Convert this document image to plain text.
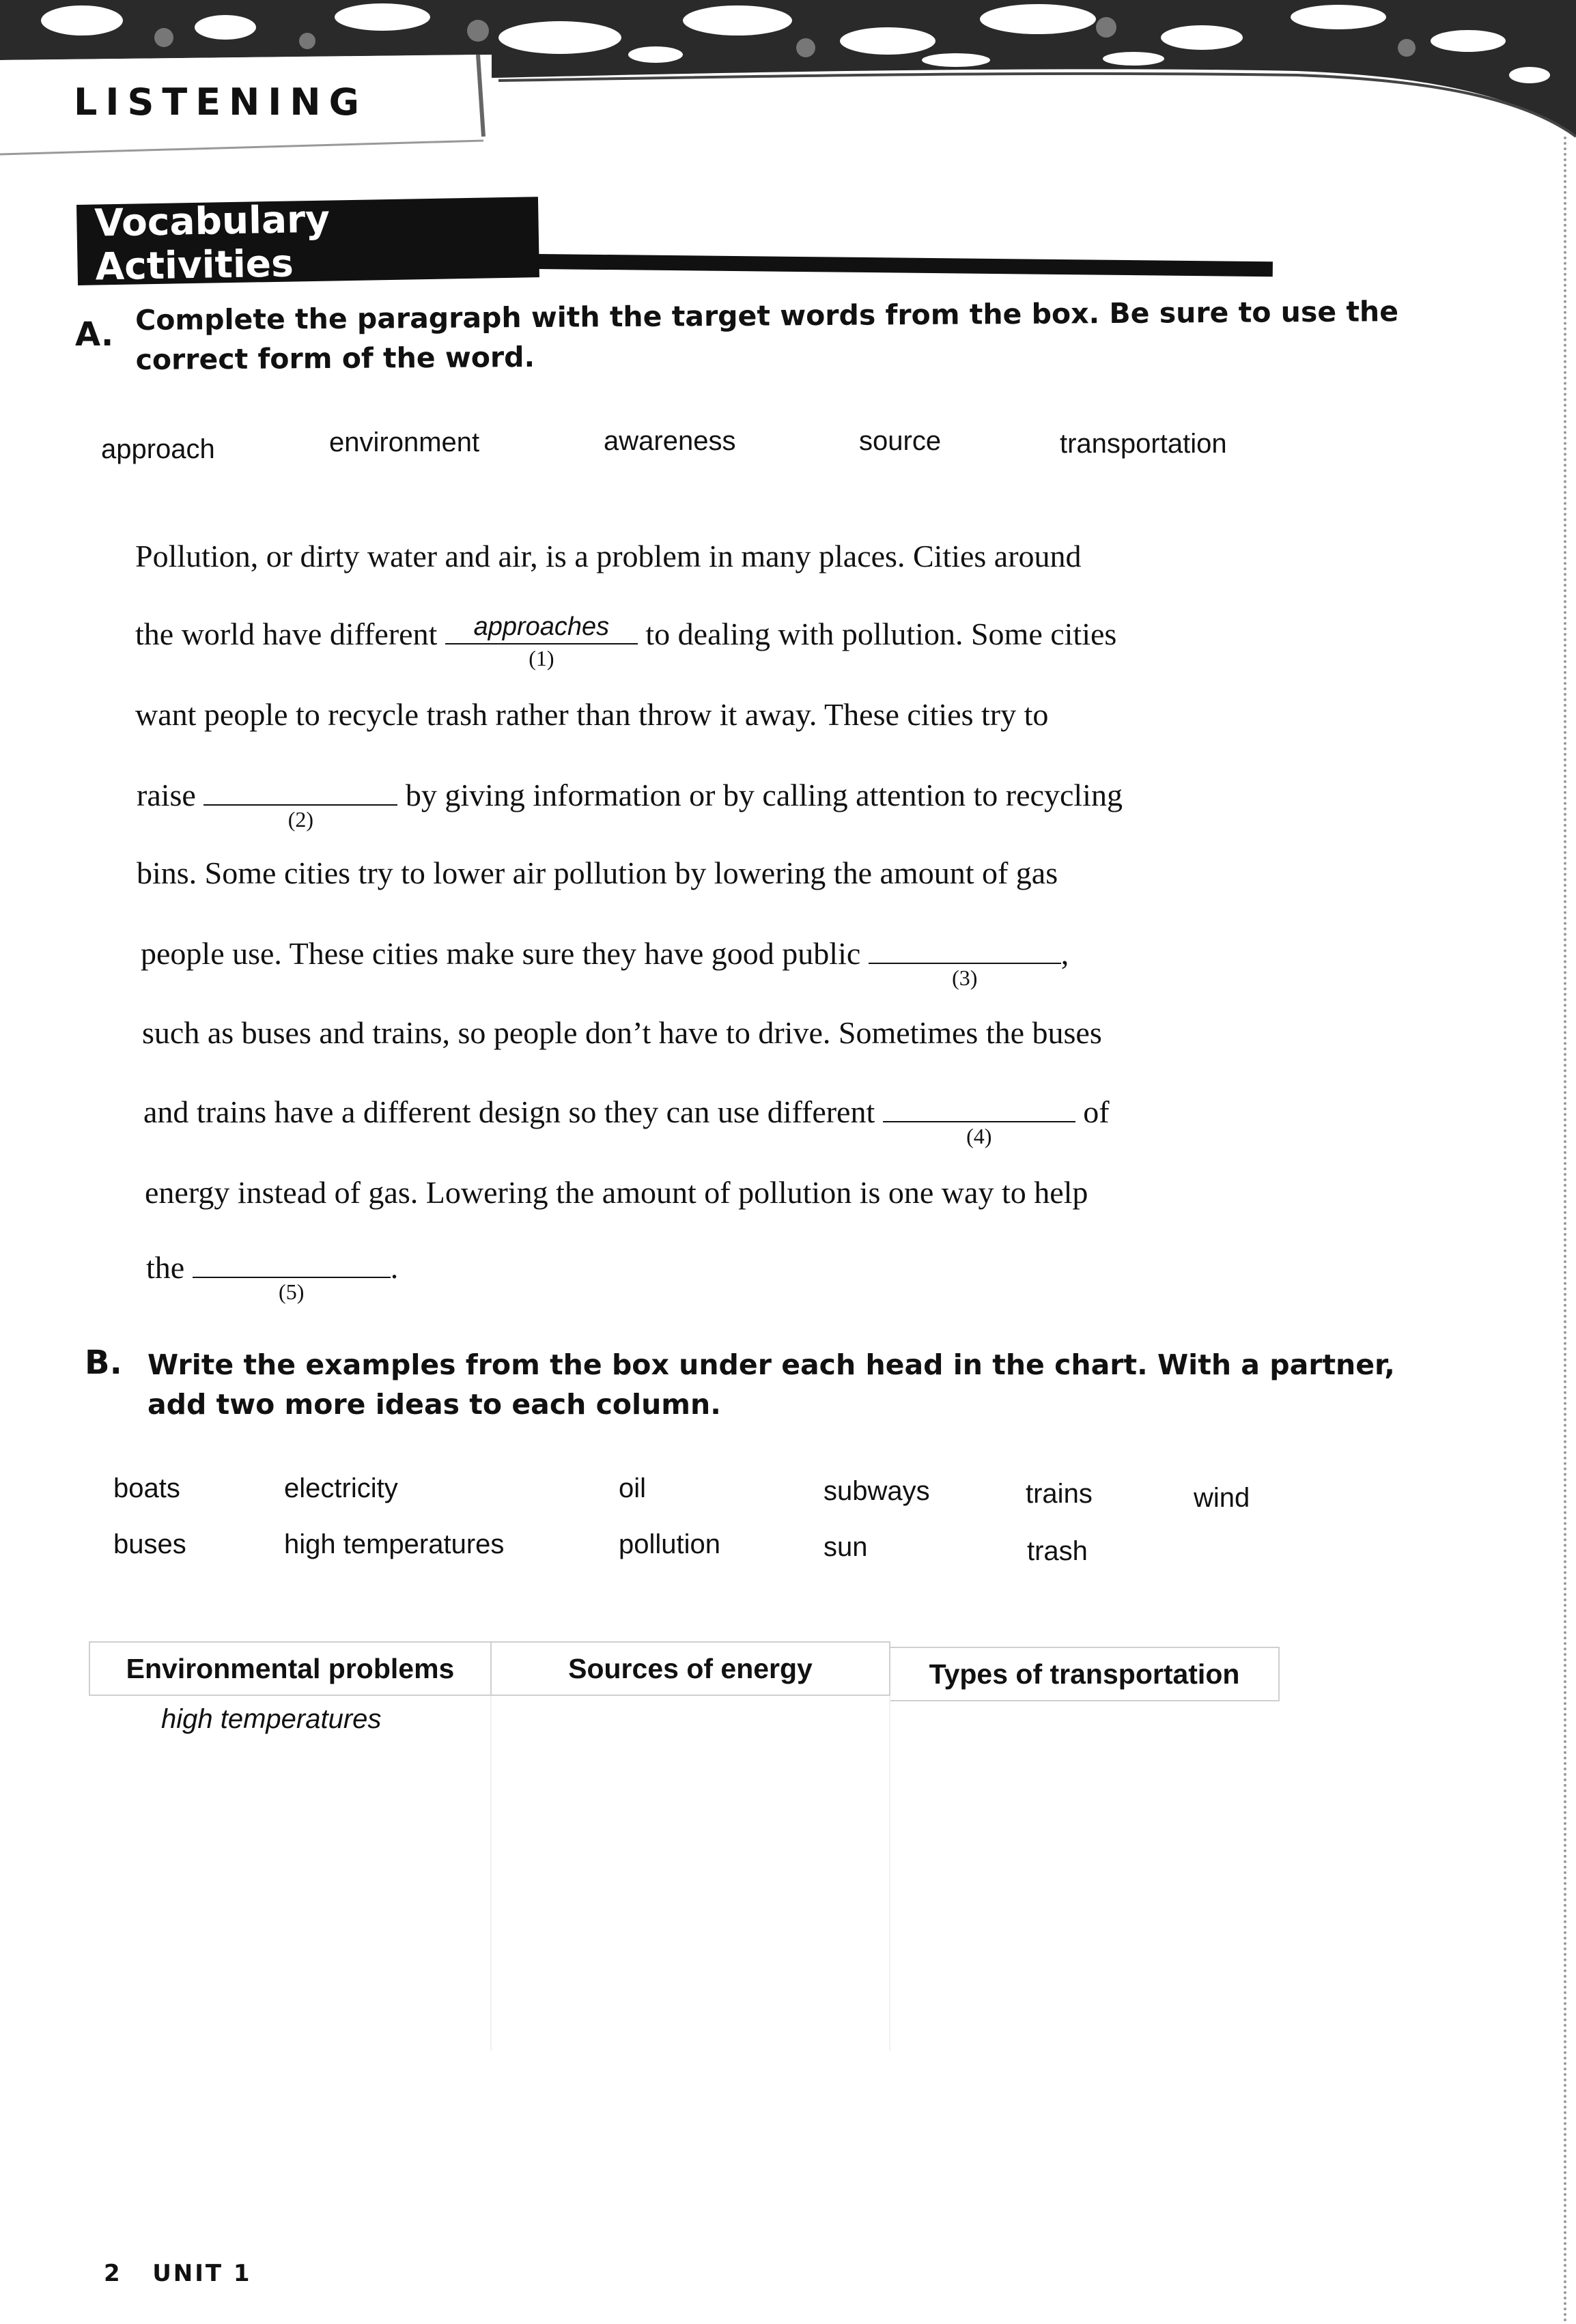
LISTENING
Vocabulary Activities
A. Complete the paragraph with the target words from the box. Be sure to use the
correct form of the word.
approach	environment	awareness	source	transportation
Pollution, or dirty water and air, is a problem in many places. Cities around
the world have different	approaches
(1)
to dealing with pollution. Some cities
want people to recycle trash rather than throw it away. These cities try to
raise
(2)
by giving information or by calling attention to recycling
bins. Some cities try to lower air pollution by lowering the amount of gas
people use. These cities make sure they have good public
(3)
,
such as buses and trains, so people don’t have to drive. Sometimes the buses
and trains have a different design so they can use different
(4)
of
energy instead of gas. Lowering the amount of pollution is one way to help
the
(5)
.
B. Write the examples from the box under each head in the chart. With a partner,
add two more ideas to each column.
boats	electricity	oil	subways	trains	wind
buses	high temperatures	pollution	sun	trash
Environmental problems	Sources of energy	Types of transportation
high temperatures
2 UNIT 1
